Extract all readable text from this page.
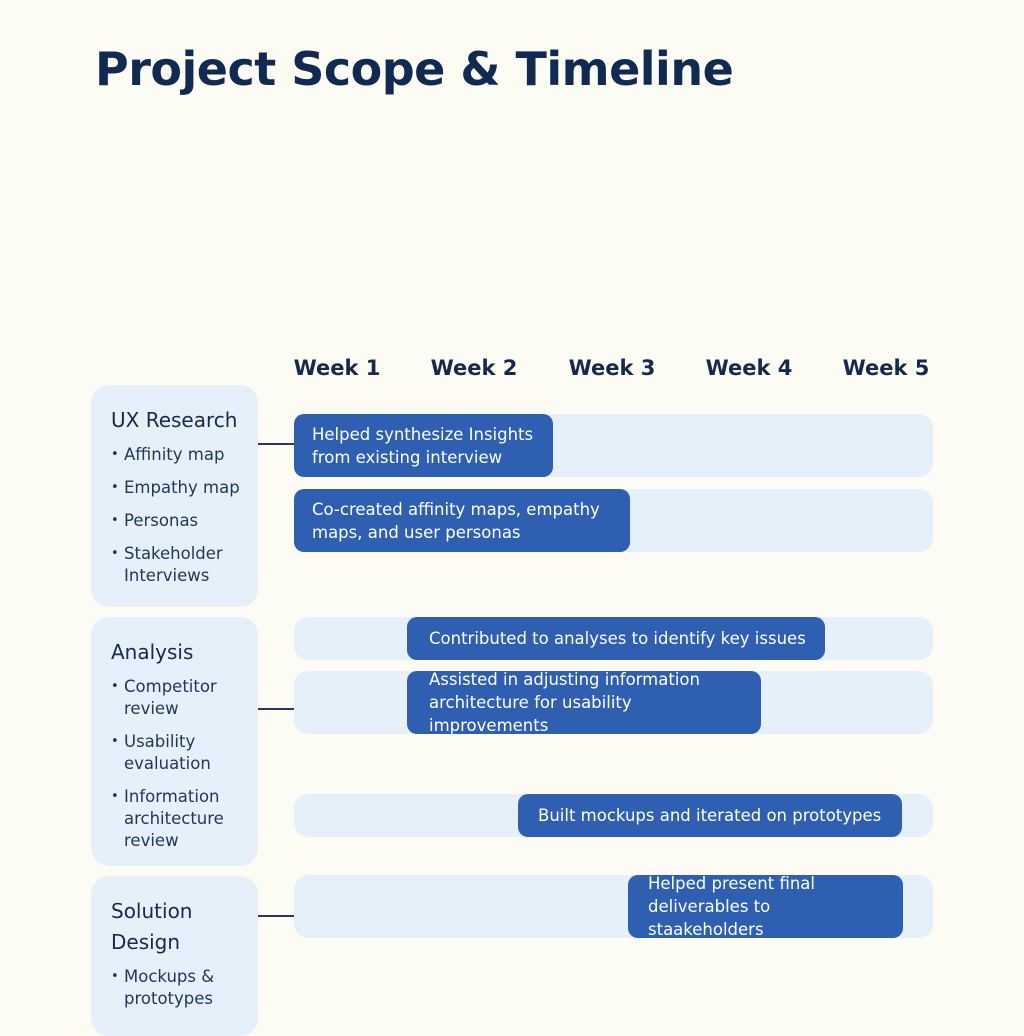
Project Scope & Timeline
Week 1	Week 2	Week 3	Week 4	Week 5
UX Research
• Affinity map
• Empathy map
• Personas
• Stakeholder Interviews
Analysis
• Competitor review
• Usability evaluation
• Information architecture review
Solution Design
• Mockups & prototypes
Helped synthesize Insights
from existing interview
Co-created affinity maps, empathy
maps, and user personas
Contributed to analyses to identify key issues
Assisted in adjusting information
architecture for usability improvements
Built mockups and iterated on prototypes
Helped present final
deliverables to staakeholders
